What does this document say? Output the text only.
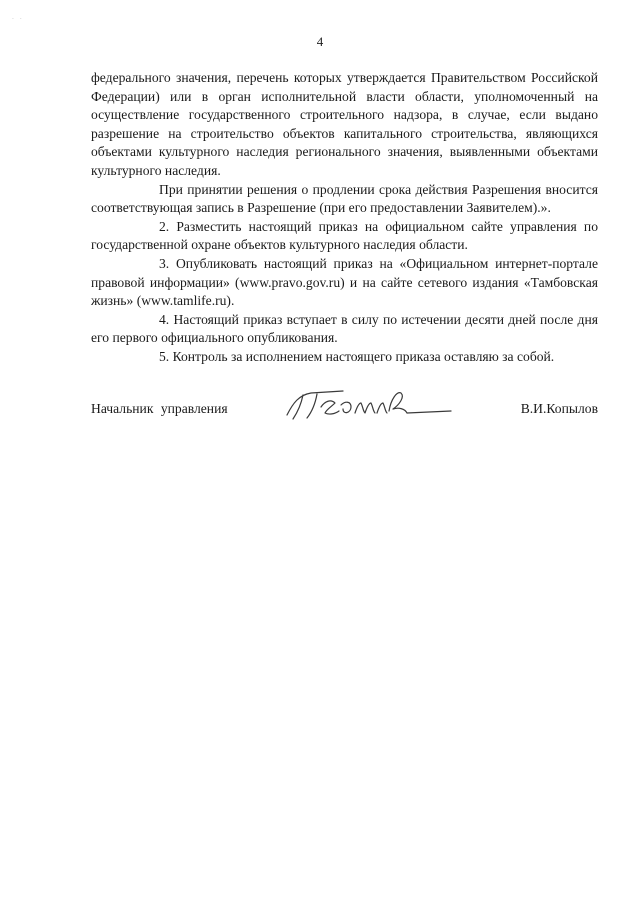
. .
4

федерального значения, перечень которых утверждается Правительством Российской Федерации) или в орган исполнительной власти области, уполномоченный на осуществление государственного строительного надзора, в случае, если выдано разрешение на строительство объектов капитального строительства, являющихся объектами культурного наследия регионального значения, выявленными объектами культурного наследия.

При принятии решения о продлении срока действия Разрешения вносится соответствующая запись в Разрешение (при его предоставлении Заявителем).».

2. Разместить настоящий приказ на официальном сайте управления по государственной охране объектов культурного наследия области.

3. Опубликовать настоящий приказ на «Официальном интернет-портале правовой информации» (www.pravo.gov.ru) и на сайте сетевого издания «Тамбовская жизнь» (www.tamlife.ru).

4. Настоящий приказ вступает в силу по истечении десяти дней после дня его первого официального опубликования.

5. Контроль за исполнением настоящего приказа оставляю за собой.

Начальник управления	В.И.Копылов
